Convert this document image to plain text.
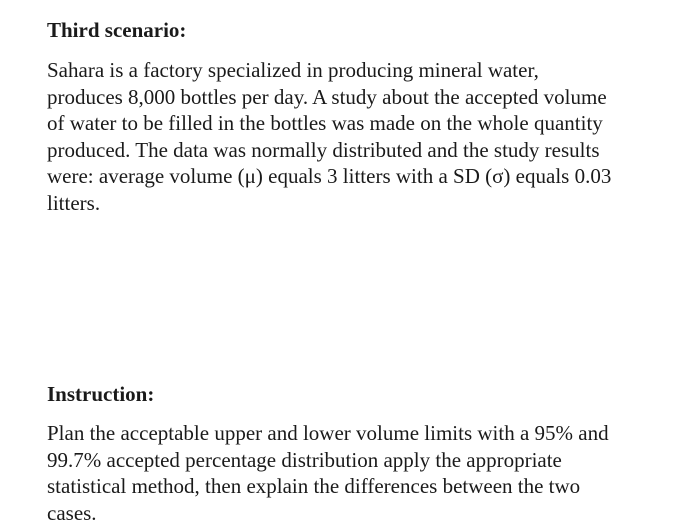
Third scenario:

Sahara is a factory specialized in producing mineral water,
produces 8,000 bottles per day. A study about the accepted volume
of water to be filled in the bottles was made on the whole quantity
produced. The data was normally distributed and the study results
were: average volume (μ) equals 3 litters with a SD (σ) equals 0.03
litters.

Instruction:

Plan the acceptable upper and lower volume limits with a 95% and
99.7% accepted percentage distribution apply the appropriate
statistical method, then explain the differences between the two
cases.
